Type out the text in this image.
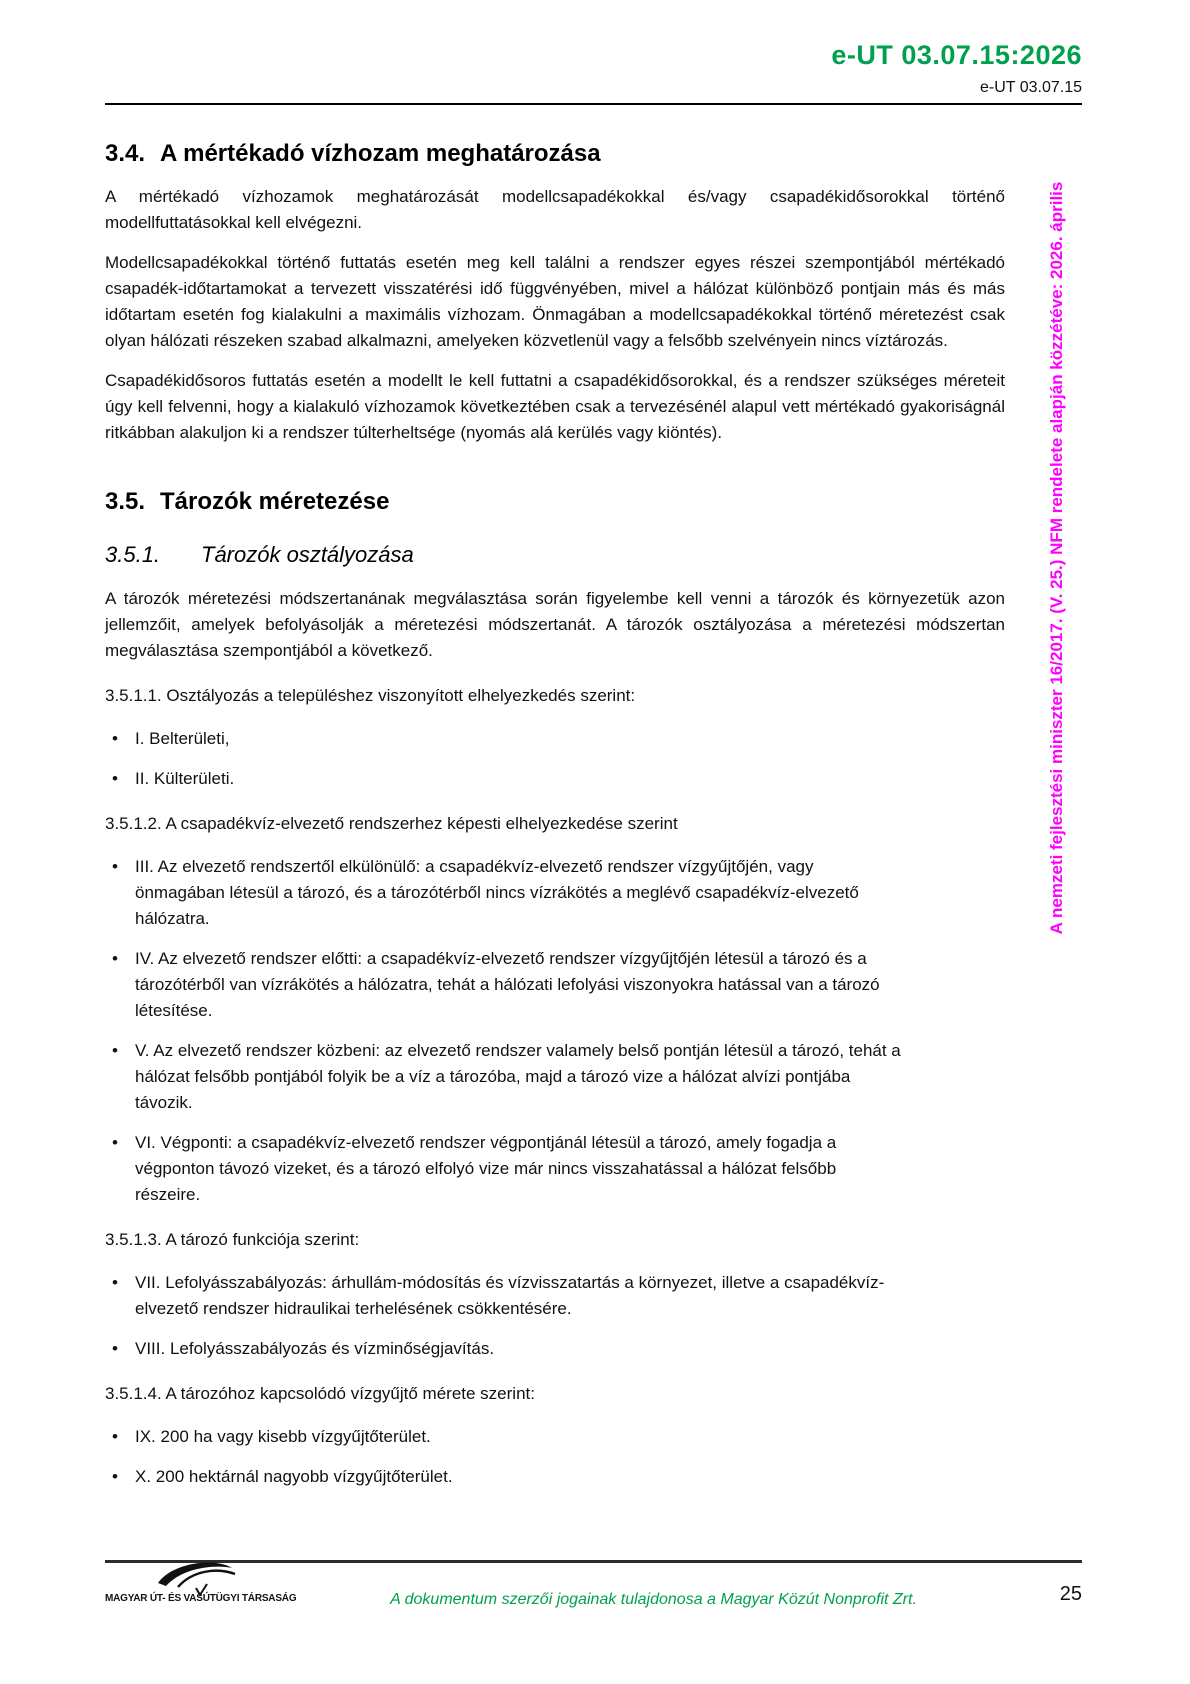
e-UT 03.07.15:2026
e-UT 03.07.15
3.4. A mértékadó vízhozam meghatározása

A mértékadó vízhozamok meghatározását modellcsapadékokkal és/vagy csapadékidősorokkal történő modellfuttatásokkal kell elvégezni.

Modellcsapadékokkal történő futtatás esetén meg kell találni a rendszer egyes részei szempontjából mértékadó csapadék-időtartamokat a tervezett visszatérési idő függvényében, mivel a hálózat különböző pontjain más és más időtartam esetén fog kialakulni a maximális vízhozam. Önmagában a modellcsapadékokkal történő méretezést csak olyan hálózati részeken szabad alkalmazni, amelyeken közvetlenül vagy a felsőbb szelvényein nincs víztározás.

Csapadékidősoros futtatás esetén a modellt le kell futtatni a csapadékidősorokkal, és a rendszer szükséges méreteit úgy kell felvenni, hogy a kialakuló vízhozamok következtében csak a tervezésénél alapul vett mértékadó gyakoriságnál ritkábban alakuljon ki a rendszer túlterheltsége (nyomás alá kerülés vagy kiöntés).

3.5. Tározók méretezése
3.5.1.	Tározók osztályozása

A tározók méretezési módszertanának megválasztása során figyelembe kell venni a tározók és környezetük azon jellemzőit, amelyek befolyásolják a méretezési módszertanát. A tározók osztályozása a méretezési módszertan megválasztása szempontjából a következő.

3.5.1.1. Osztályozás a településhez viszonyított elhelyezkedés szerint:
• I. Belterületi,
• II. Külterületi.
3.5.1.2. A csapadékvíz-elvezető rendszerhez képesti elhelyezkedése szerint
• III. Az elvezető rendszertől elkülönülő: a csapadékvíz-elvezető rendszer vízgyűjtőjén, vagy önmagában létesül a tározó, és a tározótérből nincs vízrákötés a meglévő csapadékvíz-elvezető hálózatra.
• IV. Az elvezető rendszer előtti: a csapadékvíz-elvezető rendszer vízgyűjtőjén létesül a tározó és a tározótérből van vízrákötés a hálózatra, tehát a hálózati lefolyási viszonyokra hatással van a tározó létesítése.
• V. Az elvezető rendszer közbeni: az elvezető rendszer valamely belső pontján létesül a tározó, tehát a hálózat felsőbb pontjából folyik be a víz a tározóba, majd a tározó vize a hálózat alvízi pontjába távozik.
• VI. Végponti: a csapadékvíz-elvezető rendszer végpontjánál létesül a tározó, amely fogadja a végponton távozó vizeket, és a tározó elfolyó vize már nincs visszahatással a hálózat felsőbb részeire.
3.5.1.3. A tározó funkciója szerint:
• VII. Lefolyásszabályozás: árhullám-módosítás és vízvisszatartás a környezet, illetve a csapadékvíz-elvezető rendszer hidraulikai terhelésének csökkentésére.
• VIII. Lefolyásszabályozás és vízminőségjavítás.
3.5.1.4. A tározóhoz kapcsolódó vízgyűjtő mérete szerint:
• IX. 200 ha vagy kisebb vízgyűjtőterület.
• X. 200 hektárnál nagyobb vízgyűjtőterület.
A nemzeti fejlesztési miniszter 16/2017. (V. 25.) NFM rendelete alapján közzétéve: 2026. április
MAGYAR ÚT- ÉS VASÚTÜGYI TÁRSASÁG	A dokumentum szerzői jogainak tulajdonosa a Magyar Közút Nonprofit Zrt.	25
